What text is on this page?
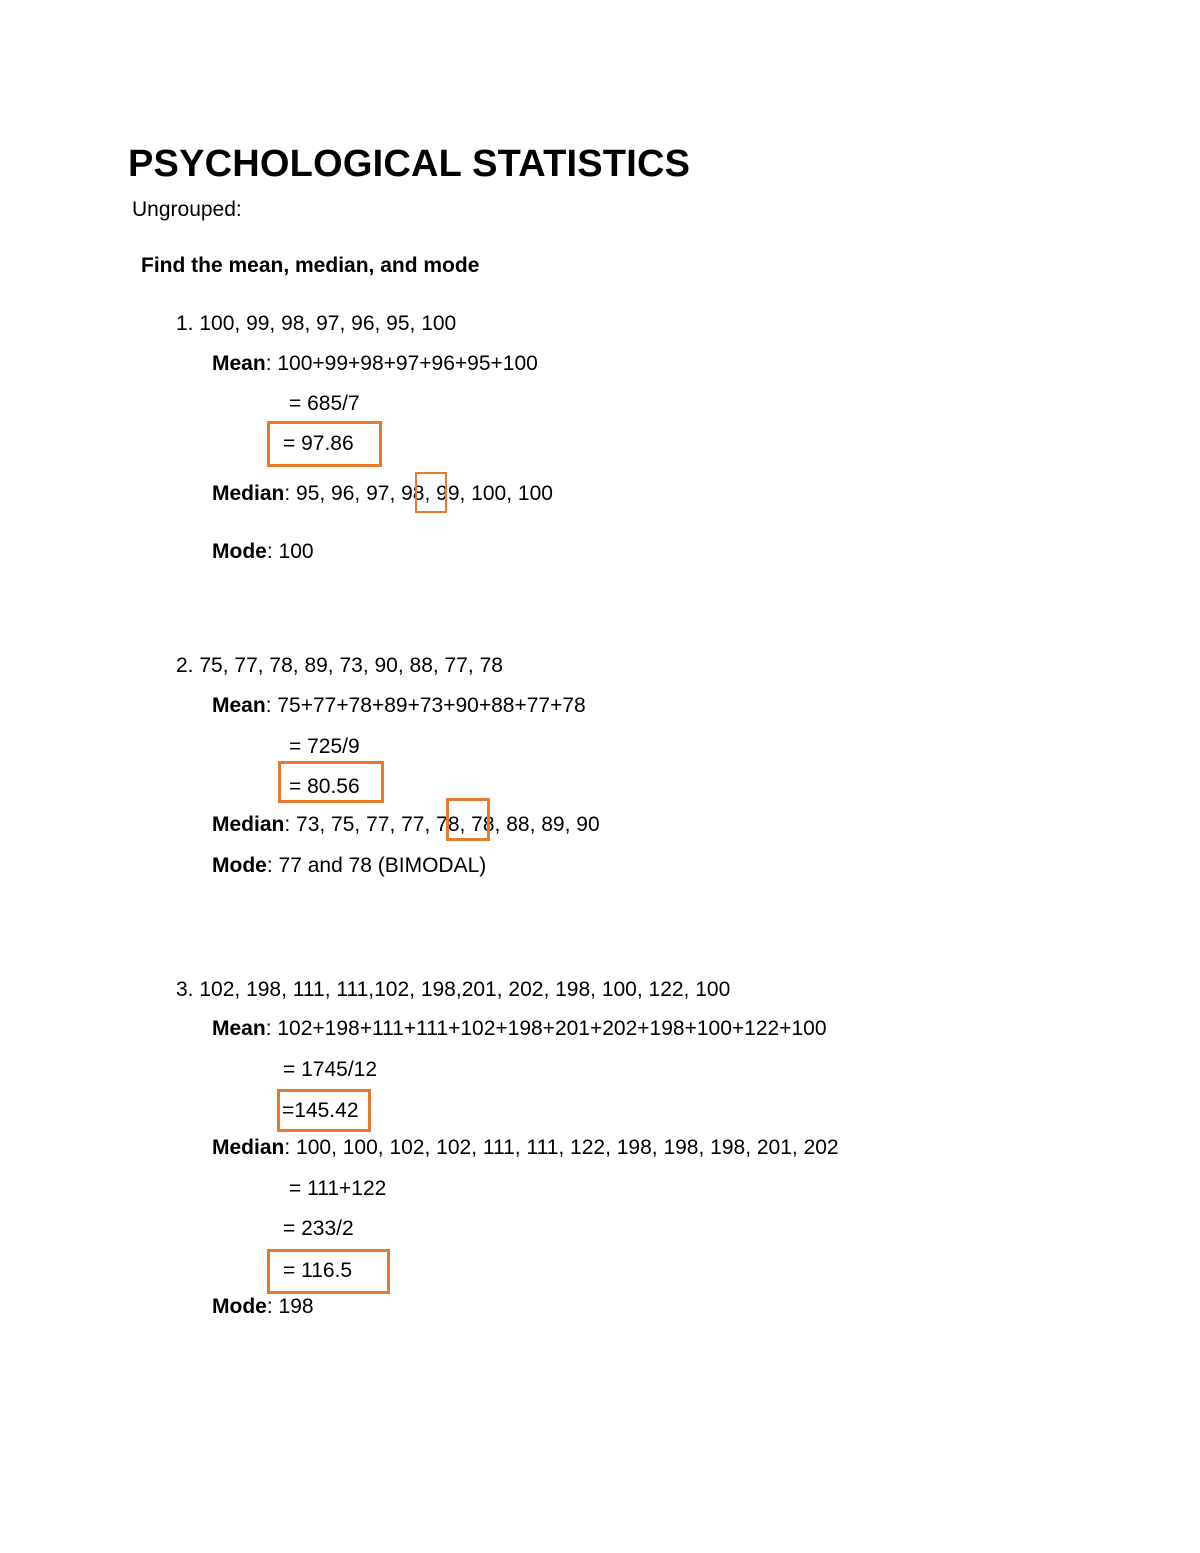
PSYCHOLOGICAL STATISTICS
Ungrouped:
Find the mean, median, and mode
1. 100, 99, 98, 97, 96, 95, 100
Mean: 100+99+98+97+96+95+100
= 685/7
= 97.86
Median: 95, 96, 97, 98, 99, 100, 100
Mode: 100
2. 75, 77, 78, 89, 73, 90, 88, 77, 78
Mean: 75+77+78+89+73+90+88+77+78
= 725/9
= 80.56
Median: 73, 75, 77, 77, 78, 78, 88, 89, 90
Mode: 77 and 78 (BIMODAL)
3. 102, 198, 111, 111,102, 198,201, 202, 198, 100, 122, 100
Mean: 102+198+111+111+102+198+201+202+198+100+122+100
= 1745/12
=145.42
Median: 100, 100, 102, 102, 111, 111, 122, 198, 198, 198, 201, 202
= 111+122
= 233/2
= 116.5
Mode: 198
